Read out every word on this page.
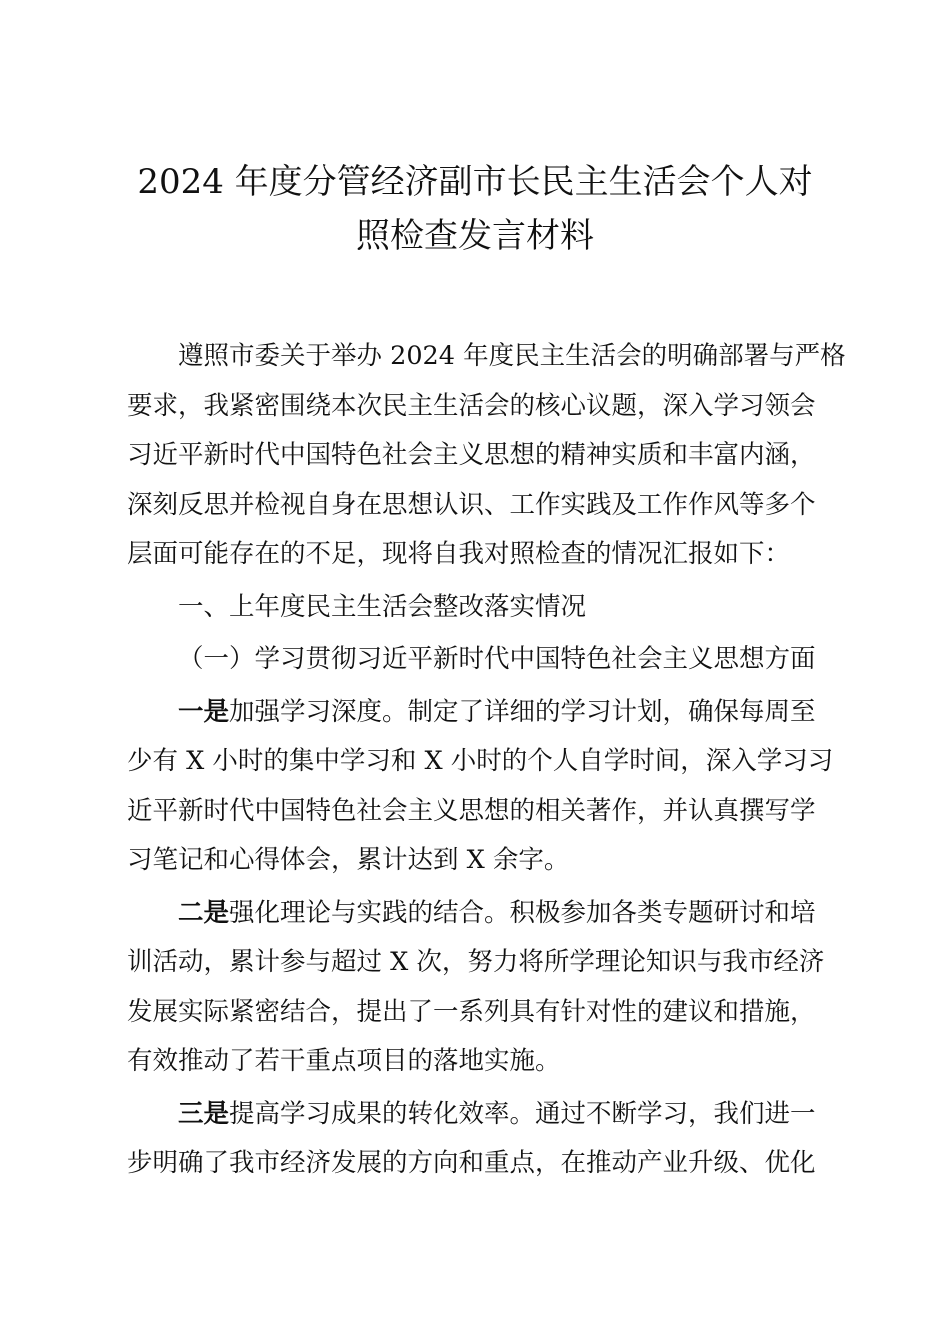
2024 年度分管经济副市长民主生活会个人对
照检查发言材料

遵照市委关于举办 2024 年度民主生活会的明确部署与严格
要求，我紧密围绕本次民主生活会的核心议题，深入学习领会
习近平新时代中国特色社会主义思想的精神实质和丰富内涵，
深刻反思并检视自身在思想认识、工作实践及工作作风等多个
层面可能存在的不足，现将自我对照检查的情况汇报如下：

一、上年度民主生活会整改落实情况

（一）学习贯彻习近平新时代中国特色社会主义思想方面

一是加强学习深度。制定了详细的学习计划，确保每周至
少有 X 小时的集中学习和 X 小时的个人自学时间，深入学习习
近平新时代中国特色社会主义思想的相关著作，并认真撰写学
习笔记和心得体会，累计达到 X 余字。

二是强化理论与实践的结合。积极参加各类专题研讨和培
训活动，累计参与超过 X 次，努力将所学理论知识与我市经济
发展实际紧密结合，提出了一系列具有针对性的建议和措施，
有效推动了若干重点项目的落地实施。

三是提高学习成果的转化效率。通过不断学习，我们进一
步明确了我市经济发展的方向和重点，在推动产业升级、优化
